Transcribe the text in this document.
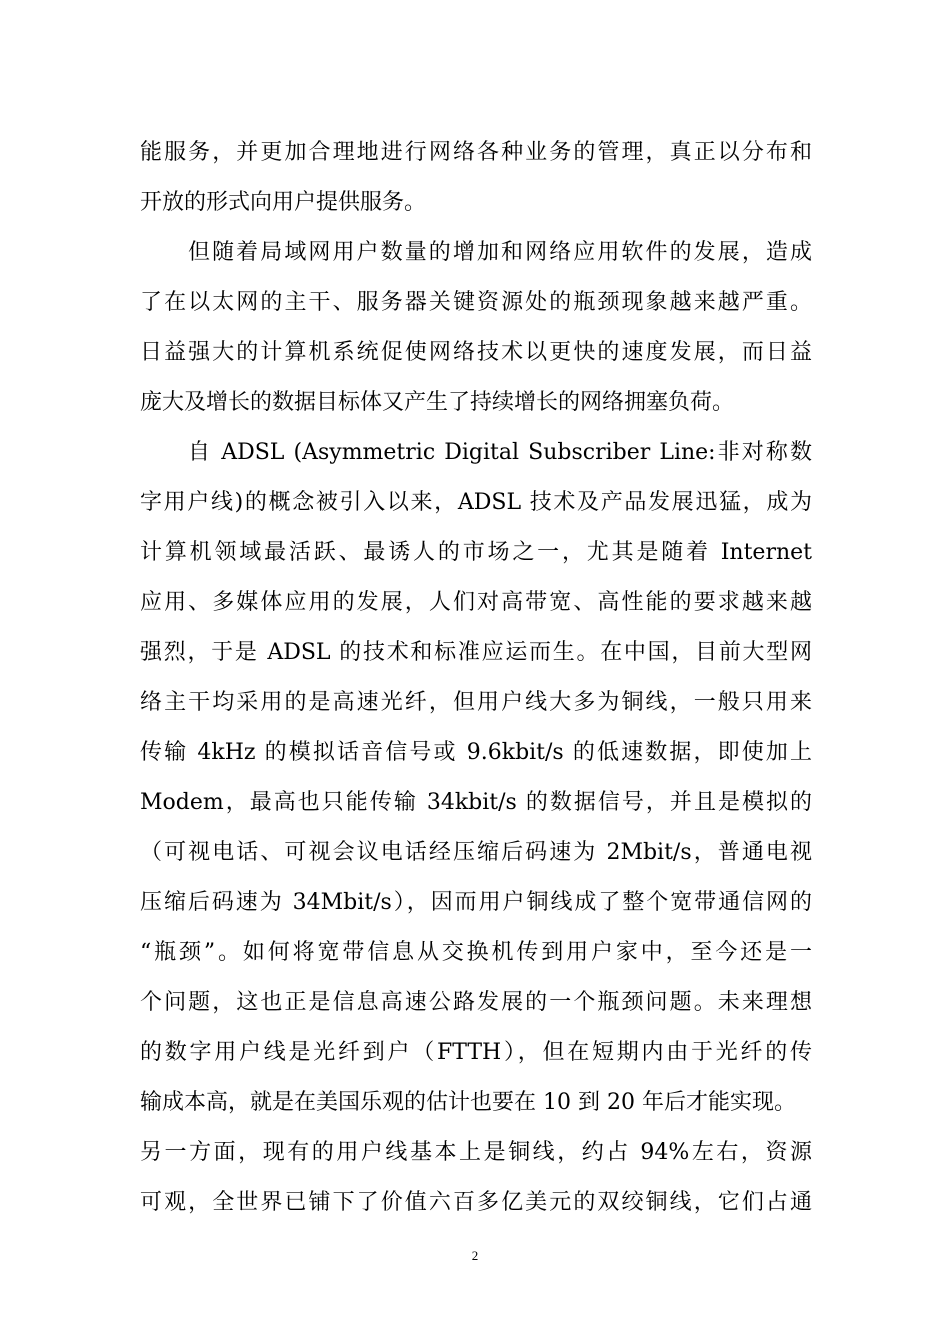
能服务，并更加合理地进行网络各种业务的管理，真正以分布和
开放的形式向用户提供服务。
但随着局域网用户数量的增加和网络应用软件的发展，造成
了在以太网的主干、服务器关键资源处的瓶颈现象越来越严重。
日益强大的计算机系统促使网络技术以更快的速度发展，而日益
庞大及增长的数据目标体又产生了持续增长的网络拥塞负荷。
自 ADSL (Asymmetric Digital Subscriber Line:非对称数
字用户线)的概念被引入以来，ADSL 技术及产品发展迅猛，成为
计算机领域最活跃、最诱人的市场之一，尤其是随着 Internet
应用、多媒体应用的发展，人们对高带宽、高性能的要求越来越
强烈，于是 ADSL 的技术和标准应运而生。在中国，目前大型网
络主干均采用的是高速光纤，但用户线大多为铜线，一般只用来
传输 4kHz 的模拟话音信号或 9.6kbit/s 的低速数据，即使加上
Modem，最高也只能传输 34kbit/s 的数据信号，并且是模拟的
（可视电话、可视会议电话经压缩后码速为 2Mbit/s，普通电视
压缩后码速为 34Mbit/s），因而用户铜线成了整个宽带通信网的
“瓶颈”。如何将宽带信息从交换机传到用户家中，至今还是一
个问题，这也正是信息高速公路发展的一个瓶颈问题。未来理想
的数字用户线是光纤到户（FTTH），但在短期内由于光纤的传
输成本高，就是在美国乐观的估计也要在 10 到 20 年后才能实现。
另一方面，现有的用户线基本上是铜线，约占 94%左右，资源
可观，全世界已铺下了价值六百多亿美元的双绞铜线，它们占通
2
